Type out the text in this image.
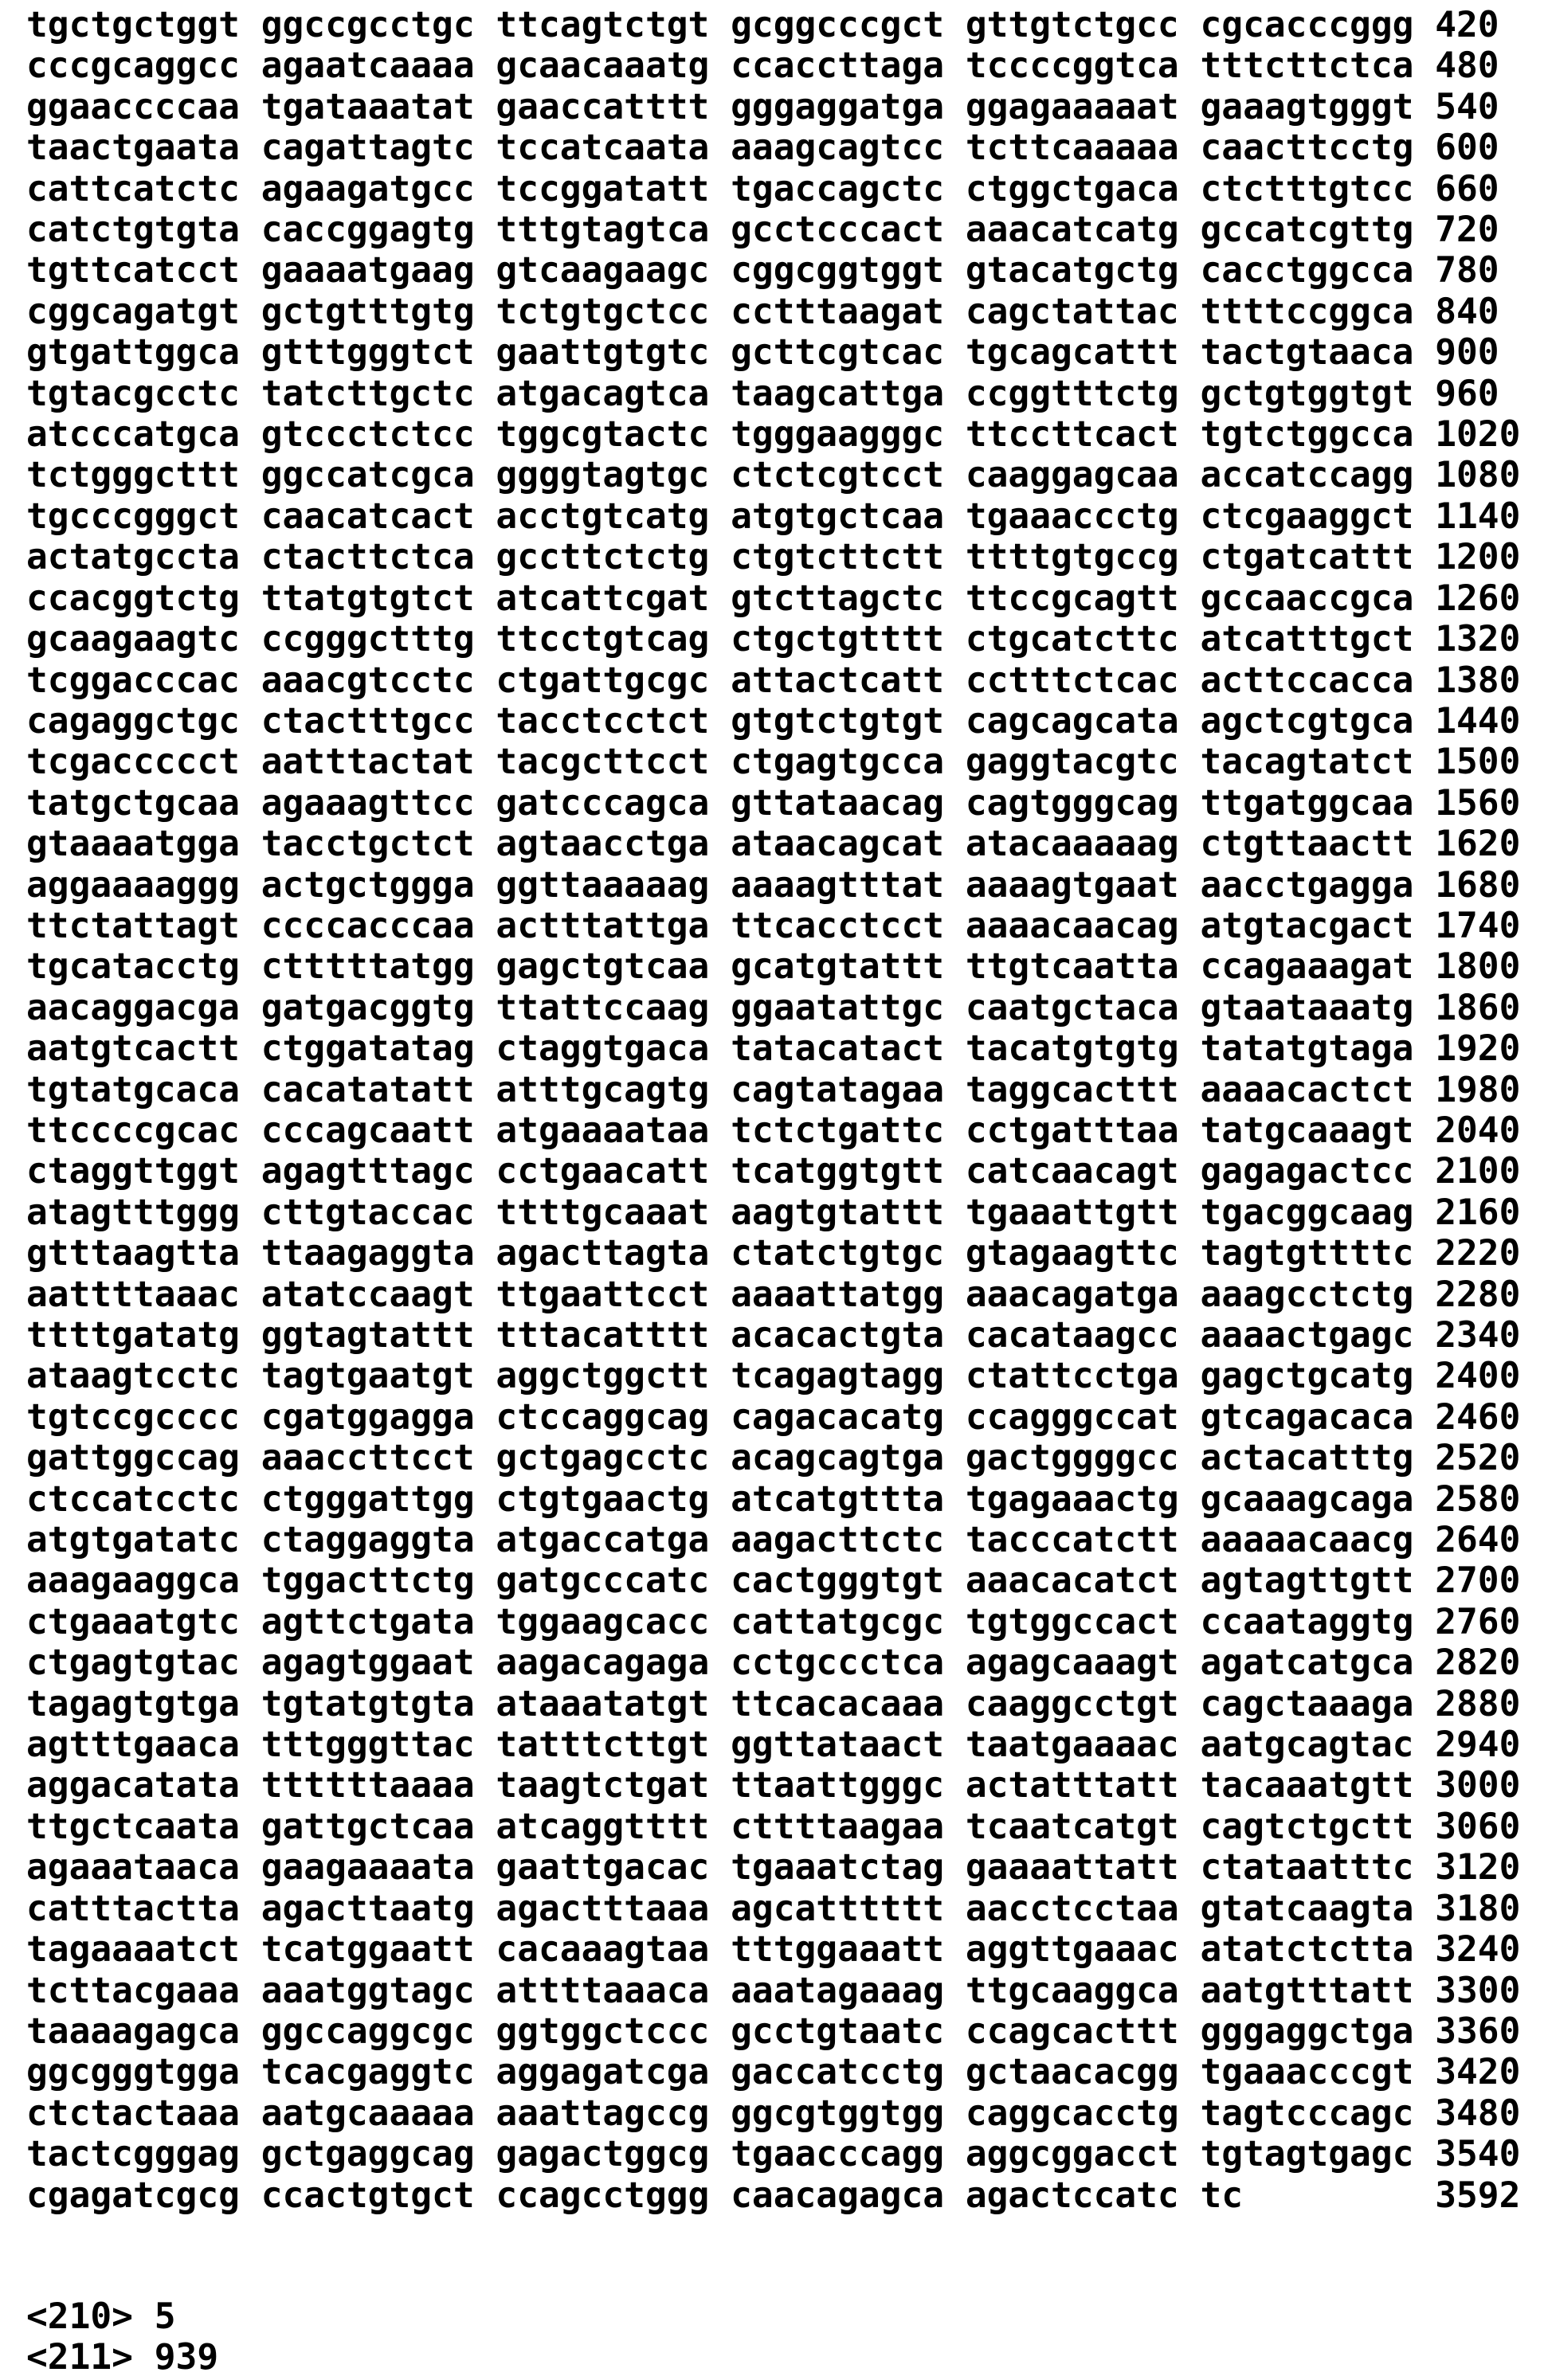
tgctgctggt ggccgcctgc ttcagtctgt gcggcccgct gttgtctgcc cgcacccggg 420
cccgcaggcc agaatcaaaa gcaacaaatg ccaccttaga tccccggtca tttcttctca 480
ggaaccccaa tgataaatat gaaccatttt gggaggatga ggagaaaaat gaaagtgggt 540
taactgaata cagattagtc tccatcaata aaagcagtcc tcttcaaaaa caacttcctg 600
cattcatctc agaagatgcc tccggatatt tgaccagctc ctggctgaca ctctttgtcc 660
catctgtgta caccggagtg tttgtagtca gcctcccact aaacatcatg gccatcgttg 720
tgttcatcct gaaaatgaag gtcaagaagc cggcggtggt gtacatgctg cacctggcca 780
cggcagatgt gctgtttgtg tctgtgctcc cctttaagat cagctattac ttttccggca 840
gtgattggca gtttgggtct gaattgtgtc gcttcgtcac tgcagcattt tactgtaaca 900
tgtacgcctc tatcttgctc atgacagtca taagcattga ccggtttctg gctgtggtgt 960
atcccatgca gtccctctcc tggcgtactc tgggaagggc ttccttcact tgtctggcca 1020
tctgggcttt ggccatcgca ggggtagtgc ctctcgtcct caaggagcaa accatccagg 1080
tgcccgggct caacatcact acctgtcatg atgtgctcaa tgaaaccctg ctcgaaggct 1140
actatgccta ctacttctca gccttctctg ctgtcttctt ttttgtgccg ctgatcattt 1200
ccacggtctg ttatgtgtct atcattcgat gtcttagctc ttccgcagtt gccaaccgca 1260
gcaagaagtc ccgggctttg ttcctgtcag ctgctgtttt ctgcatcttc atcatttgct 1320
tcggacccac aaacgtcctc ctgattgcgc attactcatt cctttctcac acttccacca 1380
cagaggctgc ctactttgcc tacctcctct gtgtctgtgt cagcagcata agctcgtgca 1440
tcgaccccct aatttactat tacgcttcct ctgagtgcca gaggtacgtc tacagtatct 1500
tatgctgcaa agaaagttcc gatcccagca gttataacag cagtgggcag ttgatggcaa 1560
gtaaaatgga tacctgctct agtaacctga ataacagcat atacaaaaag ctgttaactt 1620
aggaaaaggg actgctggga ggttaaaaag aaaagtttat aaaagtgaat aacctgagga 1680
ttctattagt ccccacccaa actttattga ttcacctcct aaaacaacag atgtacgact 1740
tgcatacctg ctttttatgg gagctgtcaa gcatgtattt ttgtcaatta ccagaaagat 1800
aacaggacga gatgacggtg ttattccaag ggaatattgc caatgctaca gtaataaatg 1860
aatgtcactt ctggatatag ctaggtgaca tatacatact tacatgtgtg tatatgtaga 1920
tgtatgcaca cacatatatt atttgcagtg cagtatagaa taggcacttt aaaacactct 1980
ttccccgcac cccagcaatt atgaaaataa tctctgattc cctgatttaa tatgcaaagt 2040
ctaggttggt agagtttagc cctgaacatt tcatggtgtt catcaacagt gagagactcc 2100
atagtttggg cttgtaccac ttttgcaaat aagtgtattt tgaaattgtt tgacggcaag 2160
gtttaagtta ttaagaggta agacttagta ctatctgtgc gtagaagttc tagtgttttc 2220
aattttaaac atatccaagt ttgaattcct aaaattatgg aaacagatga aaagcctctg 2280
ttttgatatg ggtagtattt tttacatttt acacactgta cacataagcc aaaactgagc 2340
ataagtcctc tagtgaatgt aggctggctt tcagagtagg ctattcctga gagctgcatg 2400
tgtccgcccc cgatggagga ctccaggcag cagacacatg ccagggccat gtcagacaca 2460
gattggccag aaaccttcct gctgagcctc acagcagtga gactggggcc actacatttg 2520
ctccatcctc ctgggattgg ctgtgaactg atcatgttta tgagaaactg gcaaagcaga 2580
atgtgatatc ctaggaggta atgaccatga aagacttctc tacccatctt aaaaacaacg 2640
aaagaaggca tggacttctg gatgcccatc cactgggtgt aaacacatct agtagttgtt 2700
ctgaaatgtc agttctgata tggaagcacc cattatgcgc tgtggccact ccaataggtg 2760
ctgagtgtac agagtggaat aagacagaga cctgccctca agagcaaagt agatcatgca 2820
tagagtgtga tgtatgtgta ataaatatgt ttcacacaaa caaggcctgt cagctaaaga 2880
agtttgaaca tttgggttac tatttcttgt ggttataact taatgaaaac aatgcagtac 2940
aggacatata ttttttaaaa taagtctgat ttaattgggc actatttatt tacaaatgtt 3000
ttgctcaata gattgctcaa atcaggtttt cttttaagaa tcaatcatgt cagtctgctt 3060
agaaataaca gaagaaaata gaattgacac tgaaatctag gaaaattatt ctataatttc 3120
catttactta agacttaatg agactttaaa agcatttttt aacctcctaa gtatcaagta 3180
tagaaaatct tcatggaatt cacaaagtaa tttggaaatt aggttgaaac atatctctta 3240
tcttacgaaa aaatggtagc attttaaaca aaatagaaag ttgcaaggca aatgtttatt 3300
taaaagagca ggccaggcgc ggtggctccc gcctgtaatc ccagcacttt gggaggctga 3360
ggcgggtgga tcacgaggtc aggagatcga gaccatcctg gctaacacgg tgaaacccgt 3420
ctctactaaa aatgcaaaaa aaattagccg ggcgtggtgg caggcacctg tagtcccagc 3480
tactcgggag gctgaggcag gagactggcg tgaacccagg aggcggacct tgtagtgagc 3540
cgagatcgcg ccactgtgct ccagcctggg caacagagca agactccatc tc         3592
<210> 5
<211> 939
